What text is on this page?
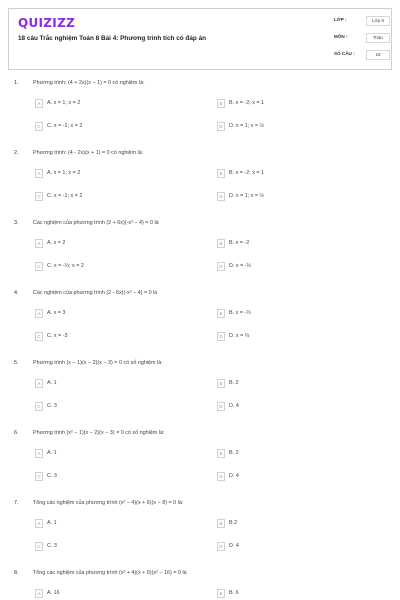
QUIZIZZ
18 câu Trắc nghiệm Toán 8 Bài 4: Phương trình tích có đáp án
LỚP :	Lớp 8
MÔN :	Toán
SỐ CÂU :	18
1.	Phương trình: (4 + 2x)(x − 1) = 0 có nghiệm là:
A	A. x = 1; x = 2	B	B. x = -2; x = 1
C	C. x = -1; x = 2	D	D. x = 1; x = ½
2.	Phương trình: (4 - 2x)(x + 1) = 0 có nghiệm là:
A	A. x = 1; x = 2	B	B. x = -2; x = 1
C	C. x = -1; x = 2	D	D. x = 1; x = ½
3.	Các nghiệm của phương trình (2 + 6x)(-x² − 4) = 0 là
A	A. x = 2	B	B. x = -2
C	C. x = -⅓; x = 2	D	D. x = -⅓
4.	Các nghiệm của phương trình (2 - 6x)(-x² − 4) = 0 là
A	A. x = 3	B	B. x = -⅓
C	C. x = -3	D	D. x = ⅓
5.	Phương trình (x − 1)(x − 2)(x − 3) = 0 có số nghiệm là:
A	A. 1	B	B. 2
C	C. 3	D	D. 4
6.	Phương trình (x² − 1)(x − 2)(x − 3) = 0 có số nghiệm là:
A	A. 1	B	B. 2
C	C. 3	D	D. 4
7.	Tổng các nghiệm của phương trình (x² − 4)(x + 6)(x − 8) = 0 là:
A	A. 1	B	B.2
C	C. 3	D	D. 4
8.	Tổng các nghiệm của phương trình (x² + 4)(x + 6)(x² − 16) = 0 là
A	A. 16	B	B. 6
